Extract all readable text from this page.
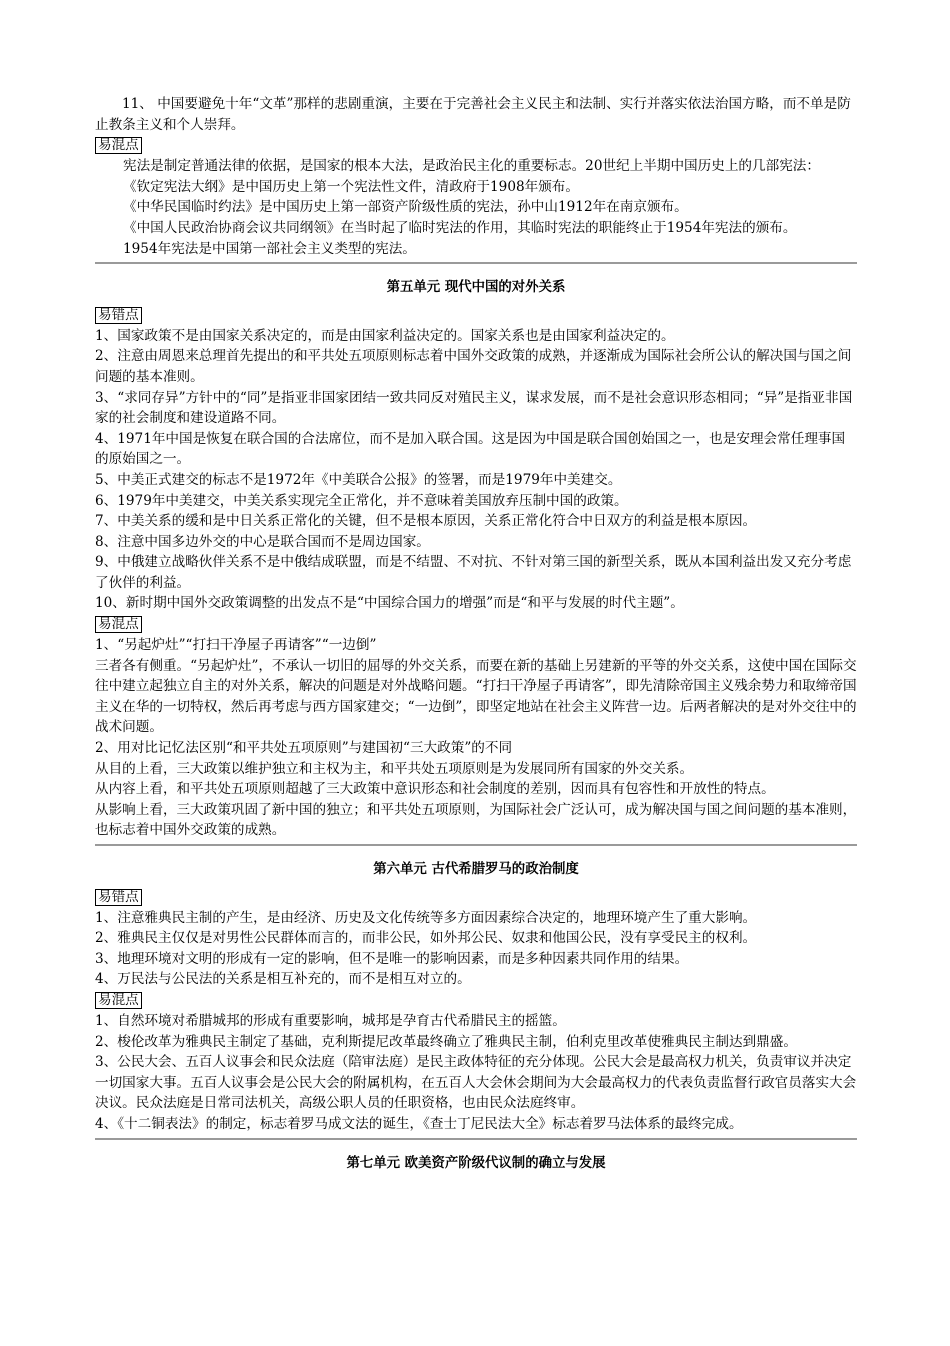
11、 中国要避免十年“文革”那样的悲剧重演，主要在于完善社会主义民主和法制、实行并落实依法治国方略，而不单是防止教条主义和个人崇拜。

易混点

宪法是制定普通法律的依据，是国家的根本大法，是政治民主化的重要标志。20世纪上半期中国历史上的几部宪法：

《钦定宪法大纲》是中国历史上第一个宪法性文件，清政府于1908年颁布。

《中华民国临时约法》是中国历史上第一部资产阶级性质的宪法，孙中山1912年在南京颁布。

《中国人民政治协商会议共同纲领》在当时起了临时宪法的作用，其临时宪法的职能终止于1954年宪法的颁布。

1954年宪法是中国第一部社会主义类型的宪法。

第五单元 现代中国的对外关系

易错点

1、国家政策不是由国家关系决定的，而是由国家利益决定的。国家关系也是由国家利益决定的。

2、注意由周恩来总理首先提出的和平共处五项原则标志着中国外交政策的成熟，并逐渐成为国际社会所公认的解决国与国之间问题的基本准则。

3、“求同存异”方针中的“同”是指亚非国家团结一致共同反对殖民主义，谋求发展，而不是社会意识形态相同；“异”是指亚非国家的社会制度和建设道路不同。

4、1971年中国是恢复在联合国的合法席位，而不是加入联合国。这是因为中国是联合国创始国之一，也是安理会常任理事国的原始国之一。

5、中美正式建交的标志不是1972年《中美联合公报》的签署，而是1979年中美建交。

6、1979年中美建交，中美关系实现完全正常化，并不意味着美国放弃压制中国的政策。

7、中美关系的缓和是中日关系正常化的关键，但不是根本原因，关系正常化符合中日双方的利益是根本原因。

8、注意中国多边外交的中心是联合国而不是周边国家。

9、中俄建立战略伙伴关系不是中俄结成联盟，而是不结盟、不对抗、不针对第三国的新型关系，既从本国利益出发又充分考虑了伙伴的利益。

10、新时期中国外交政策调整的出发点不是“中国综合国力的增强”而是“和平与发展的时代主题”。

易混点

1、“另起炉灶”“打扫干净屋子再请客”“一边倒”

三者各有侧重。“另起炉灶”，不承认一切旧的屈辱的外交关系，而要在新的基础上另建新的平等的外交关系，这使中国在国际交往中建立起独立自主的对外关系，解决的问题是对外战略问题。“打扫干净屋子再请客”，即先清除帝国主义残余势力和取缔帝国主义在华的一切特权，然后再考虑与西方国家建交；“一边倒”，即坚定地站在社会主义阵营一边。后两者解决的是对外交往中的战术问题。

2、用对比记忆法区别“和平共处五项原则”与建国初“三大政策”的不同

从目的上看，三大政策以维护独立和主权为主，和平共处五项原则是为发展同所有国家的外交关系。

从内容上看，和平共处五项原则超越了三大政策中意识形态和社会制度的差别，因而具有包容性和开放性的特点。

从影响上看，三大政策巩固了新中国的独立；和平共处五项原则，为国际社会广泛认可，成为解决国与国之间问题的基本准则，也标志着中国外交政策的成熟。

第六单元 古代希腊罗马的政治制度

易错点

1、注意雅典民主制的产生，是由经济、历史及文化传统等多方面因素综合决定的，地理环境产生了重大影响。

2、雅典民主仅仅是对男性公民群体而言的，而非公民，如外邦公民、奴隶和他国公民，没有享受民主的权利。

3、地理环境对文明的形成有一定的影响，但不是唯一的影响因素，而是多种因素共同作用的结果。

4、万民法与公民法的关系是相互补充的，而不是相互对立的。

易混点

1、自然环境对希腊城邦的形成有重要影响，城邦是孕育古代希腊民主的摇篮。

2、梭伦改革为雅典民主制定了基础，克利斯提尼改革最终确立了雅典民主制，伯利克里改革使雅典民主制达到鼎盛。

3、公民大会、五百人议事会和民众法庭（陪审法庭）是民主政体特征的充分体现。公民大会是最高权力机关，负责审议并决定一切国家大事。五百人议事会是公民大会的附属机构，在五百人大会休会期间为大会最高权力的代表负责监督行政官员落实大会决议。民众法庭是日常司法机关，高级公职人员的任职资格，也由民众法庭终审。

4、《十二铜表法》的制定，标志着罗马成文法的诞生，《查士丁尼民法大全》标志着罗马法体系的最终完成。

第七单元 欧美资产阶级代议制的确立与发展
